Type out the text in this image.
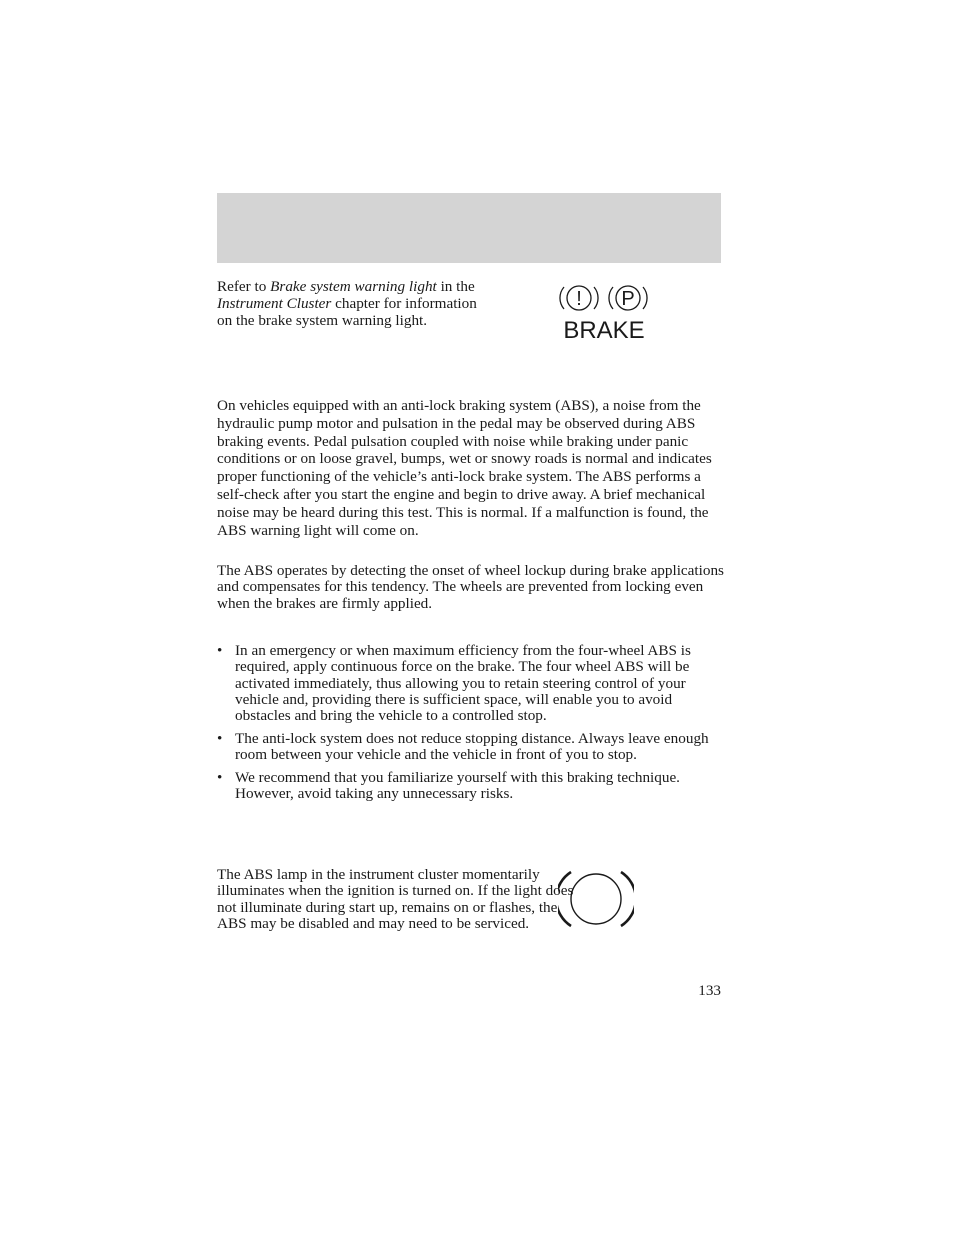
Refer to Brake system warning light in the Instrument Cluster chapter for information on the brake system warning light.

! P
BRAKE

On vehicles equipped with an anti-lock braking system (ABS), a noise from the hydraulic pump motor and pulsation in the pedal may be observed during ABS braking events. Pedal pulsation coupled with noise while braking under panic conditions or on loose gravel, bumps, wet or snowy roads is normal and indicates proper functioning of the vehicle’s anti-lock brake system. The ABS performs a self-check after you start the engine and begin to drive away. A brief mechanical noise may be heard during this test. This is normal. If a malfunction is found, the ABS warning light will come on.

The ABS operates by detecting the onset of wheel lockup during brake applications and compensates for this tendency. The wheels are prevented from locking even when the brakes are firmly applied.

• In an emergency or when maximum efficiency from the four-wheel ABS is required, apply continuous force on the brake. The four wheel ABS will be activated immediately, thus allowing you to retain steering control of your vehicle and, providing there is sufficient space, will enable you to avoid obstacles and bring the vehicle to a controlled stop.
• The anti-lock system does not reduce stopping distance. Always leave enough room between your vehicle and the vehicle in front of you to stop.
• We recommend that you familiarize yourself with this braking technique. However, avoid taking any unnecessary risks.

The ABS lamp in the instrument cluster momentarily illuminates when the ignition is turned on. If the light does not illuminate during start up, remains on or flashes, the ABS may be disabled and may need to be serviced.

133
